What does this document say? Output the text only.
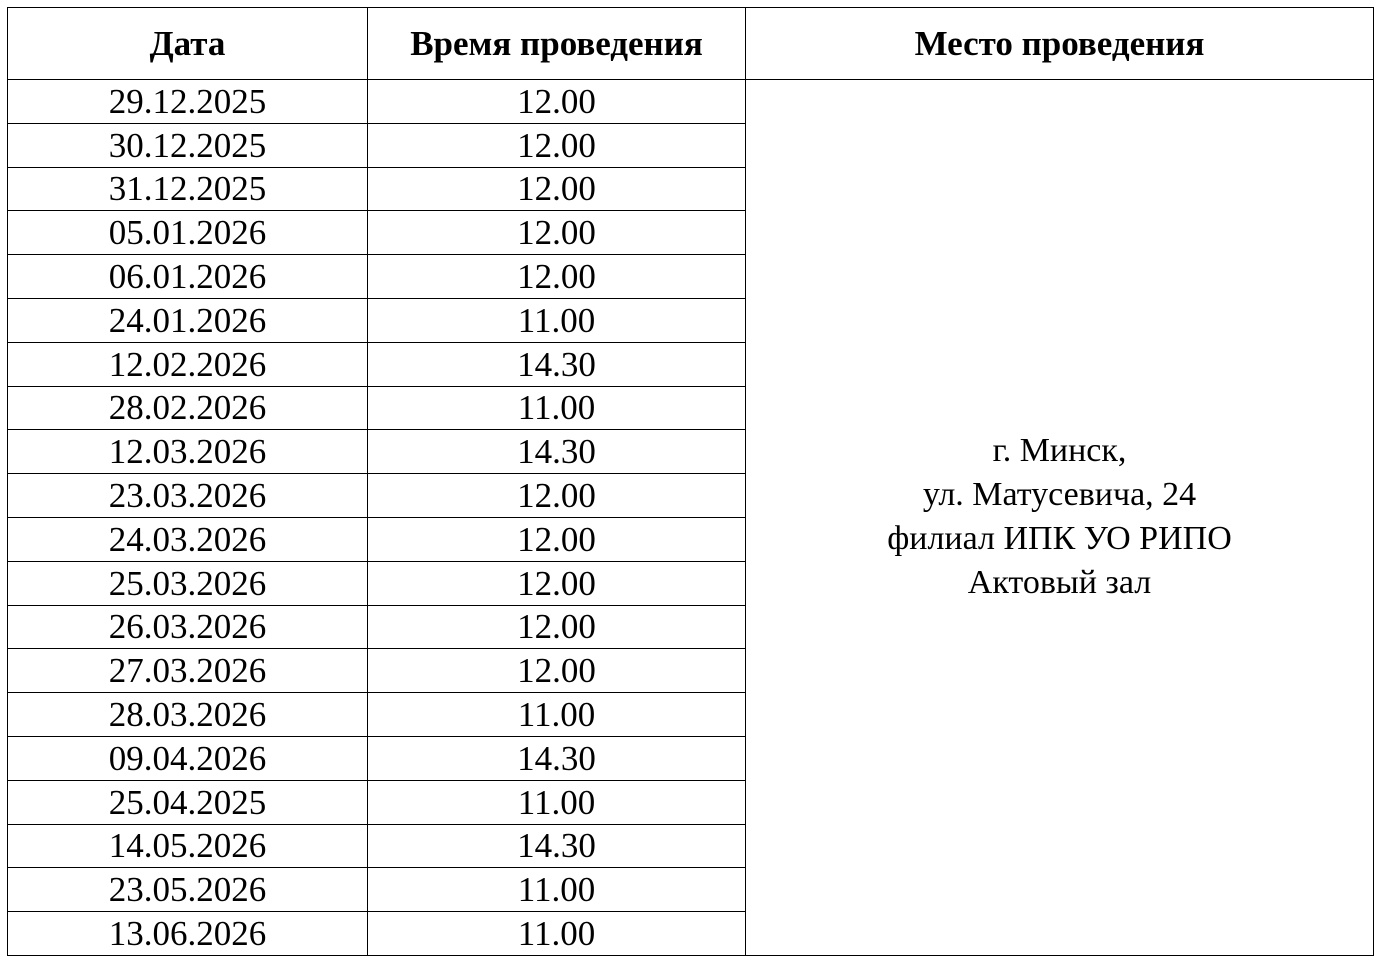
Дата	Время проведения	Место проведения
29.12.2025	12.00	г. Минск,
ул. Матусевича, 24
филиал ИПК УО РИПО
Актовый зал

30.12.2025	12.00	
31.12.2025	12.00	
05.01.2026	12.00	
06.01.2026	12.00	
24.01.2026	11.00	
12.02.2026	14.30	
28.02.2026	11.00	
12.03.2026	14.30	
23.03.2026	12.00	
24.03.2026	12.00	
25.03.2026	12.00	
26.03.2026	12.00	
27.03.2026	12.00	
28.03.2026	11.00	
09.04.2026	14.30	
25.04.2025	11.00	
14.05.2026	14.30	
23.05.2026	11.00	
13.06.2026	11.00	
